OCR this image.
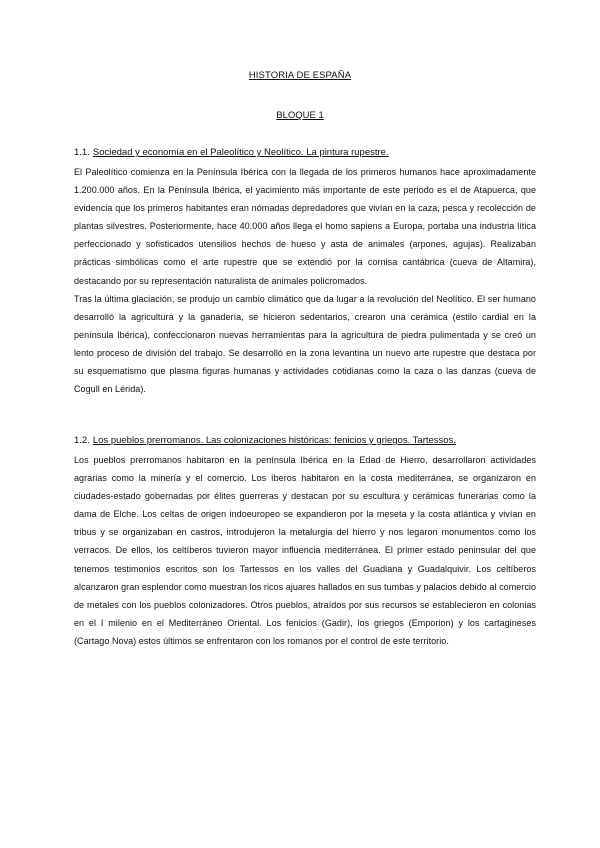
HISTORIA DE ESPAÑA
BLOQUE 1
1.1. Sociedad y economía en el Paleolítico y Neolítico. La pintura rupestre.

El Paleolítico comienza en la Península Ibérica con la llegada de los primeros humanos hace aproximadamente 1.200.000 años. En la Península Ibérica, el yacimiento más importante de este periodo es el de Atapuerca, que evidencia que los primeros habitantes eran nómadas depredadores que vivían en la caza, pesca y recolección de plantas silvestres. Posteriormente, hace 40.000 años llega el homo sapiens a Europa, portaba una industria lítica perfeccionado y sofisticados utensilios hechos de hueso y asta de animales (arpones, agujas). Realizaban prácticas simbólicas como el arte rupestre que se extendió por la cornisa cantábrica (cueva de Altamira), destacando por su representación naturalista de animales policromados.

Tras la última glaciación, se produjo un cambio climático que da lugar a la revolución del Neolítico. El ser humano desarrolló la agricultura y la ganadería, se hicieron sedentarios, crearon una cerámica (estilo cardial en la península Ibérica), confeccionaron nuevas herramientas para la agricultura de piedra pulimentada y se creó un lento proceso de división del trabajo. Se desarrolló en la zona levantina un nuevo arte rupestre que destaca por su esquematismo que plasma figuras humanas y actividades cotidianas como la caza o las danzas (cueva de Cogull en Lérida).

1.2. Los pueblos prerromanos. Las colonizaciones históricas: fenicios y griegos. Tartessos.

Los pueblos prerromanos habitaron en la península Ibérica en la Edad de Hierro, desarrollaron actividades agrarias como la minería y el comercio. Los íberos habitaron en la costa mediterránea, se organizaron en ciudades-estado gobernadas por élites guerreras y destacan por su escultura y cerámicas funerarias como la dama de Elche. Los celtas de origen indoeuropeo se expandieron por la meseta y la costa atlántica y vivían en tribus y se organizaban en castros, introdujeron la metalurgia del hierro y nos legaron monumentos como los verracos. De ellos, los celtíberos tuvieron mayor influencia mediterránea. El primer estado peninsular del que tenemos testimonios escritos son los Tartessos en los valles del Guadiana y Guadalquivir. Los celtíberos alcanzaron gran esplendor como muestran los ricos ajuares hallados en sus tumbas y palacios debido al comercio de metales con los pueblos colonizadores. Otros pueblos, atraídos por sus recursos se establecieron en colonias en el I milenio en el Mediterráneo Oriental. Los fenicios (Gadir), los griegos (Emporion) y los cartagineses (Cartago Nova) estos últimos se enfrentaron con los romanos por el control de este territorio.
